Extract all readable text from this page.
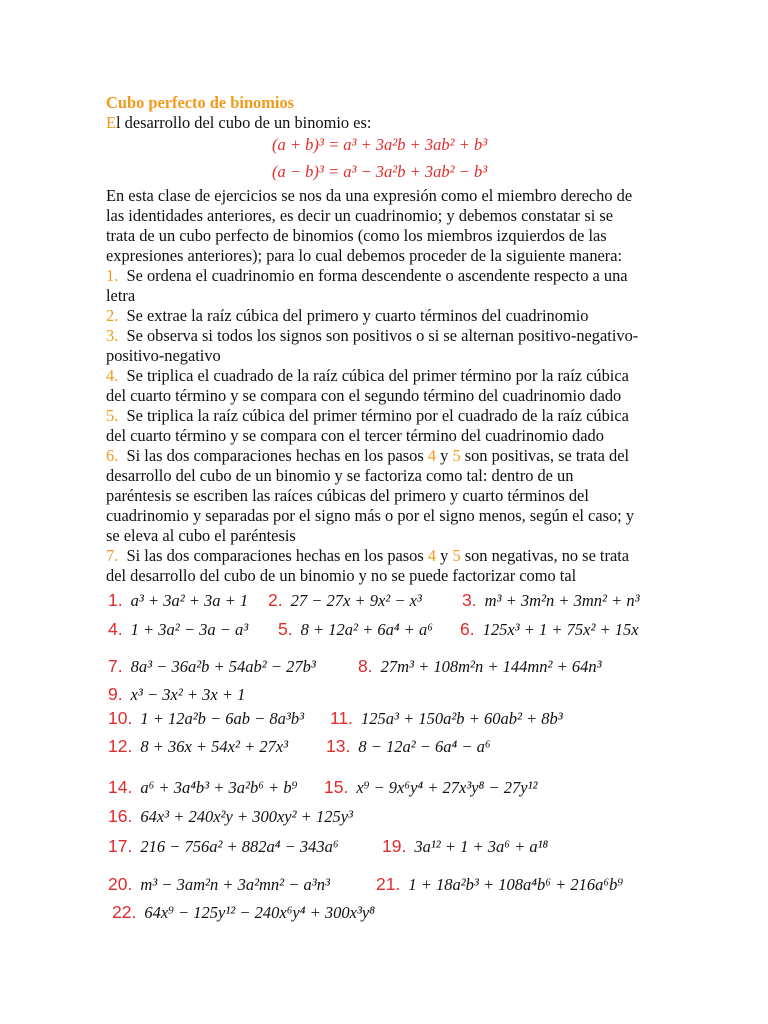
Cubo perfecto de binomios
El desarrollo del cubo de un binomio es:
(a + b)³ = a³ + 3a²b + 3ab² + b³
(a − b)³ = a³ − 3a²b + 3ab² − b³
En esta clase de ejercicios se nos da una expresión como el miembro derecho de
las identidades anteriores, es decir un cuadrinomio; y debemos constatar si se
trata de un cubo perfecto de binomios (como los miembros izquierdos de las
expresiones anteriores); para lo cual debemos proceder de la siguiente manera:
1. Se ordena el cuadrinomio en forma descendente o ascendente respecto a una
letra
2. Se extrae la raíz cúbica del primero y cuarto términos del cuadrinomio
3. Se observa si todos los signos son positivos o si se alternan positivo-negativo-
positivo-negativo
4. Se triplica el cuadrado de la raíz cúbica del primer término por la raíz cúbica
del cuarto término y se compara con el segundo término del cuadrinomio dado
5. Se triplica la raíz cúbica del primer término por el cuadrado de la raíz cúbica
del cuarto término y se compara con el tercer término del cuadrinomio dado
6. Si las dos comparaciones hechas en los pasos 4 y 5 son positivas, se trata del
desarrollo del cubo de un binomio y se factoriza como tal: dentro de un
paréntesis se escriben las raíces cúbicas del primero y cuarto términos del
cuadrinomio y separadas por el signo más o por el signo menos, según el caso; y
se eleva al cubo el paréntesis
7. Si las dos comparaciones hechas en los pasos 4 y 5 son negativas, no se trata
del desarrollo del cubo de un binomio y no se puede factorizar como tal
1. a³ + 3a² + 3a + 1 2. 27 − 27x + 9x² − x³ 3. m³ + 3m²n + 3mn² + n³
4. 1 + 3a² − 3a − a³ 5. 8 + 12a² + 6a⁴ + a⁶ 6. 125x³ + 1 + 75x² + 15x
7. 8a³ − 36a²b + 54ab² − 27b³ 8. 27m³ + 108m²n + 144mn² + 64n³
9. x³ − 3x² + 3x + 1
10. 1 + 12a²b − 6ab − 8a³b³ 11. 125a³ + 150a²b + 60ab² + 8b³
12. 8 + 36x + 54x² + 27x³ 13. 8 − 12a² − 6a⁴ − a⁶
14. a⁶ + 3a⁴b³ + 3a²b⁶ + b⁹ 15. x⁹ − 9x⁶y⁴ + 27x³y⁸ − 27y¹²
16. 64x³ + 240x²y + 300xy² + 125y³
17. 216 − 756a² + 882a⁴ − 343a⁶ 19. 3a¹² + 1 + 3a⁶ + a¹⁸
20. m³ − 3am²n + 3a²mn² − a³n³	21. 1 + 18a²b³ + 108a⁴b⁶ + 216a⁶b⁹
22. 64x⁹ − 125y¹² − 240x⁶y⁴ + 300x³y⁸
